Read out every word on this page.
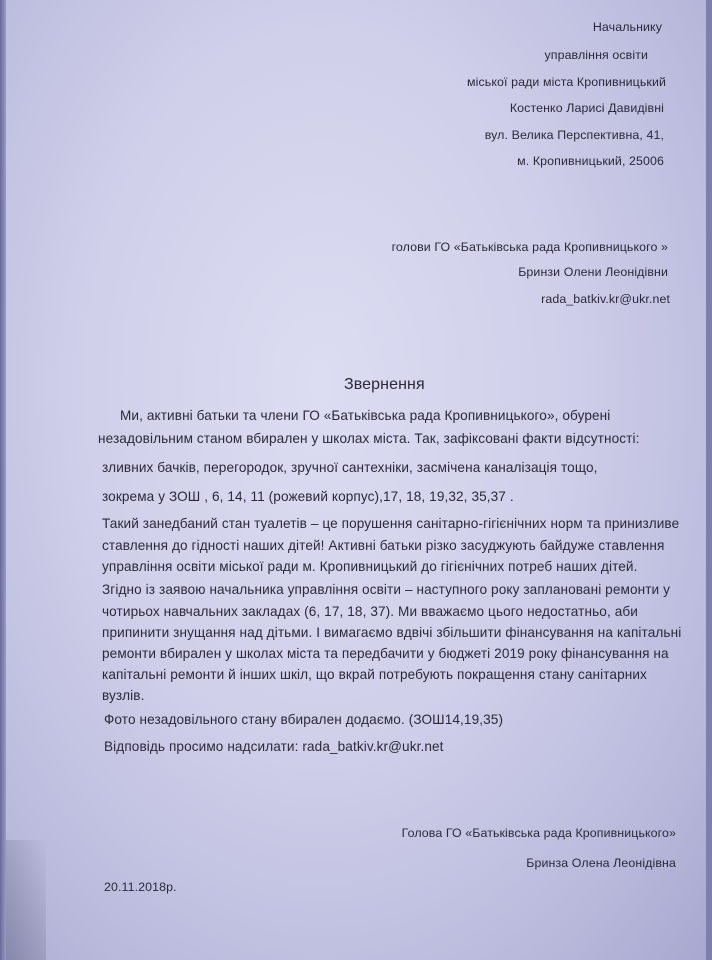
Начальнику
управління освіти
міської ради міста Кропивницький
Костенко Ларисі Давидівні
вул. Велика Перспективна, 41,
м. Кропивницький, 25006
голови ГО «Батьківська рада Кропивницького »
Бринзи Олени Леонідівни
rada_batkiv.kr@ukr.net
Звернення
Ми, активні батьки та члени ГО «Батьківська рада Кропивницького», обурені
незадовільним станом вбирален у школах міста. Так, зафіксовані факти відсутності:
зливних бачків, перегородок, зручної сантехніки, засмічена каналізація тощо,
зокрема у ЗОШ , 6, 14, 11 (рожевий корпус),17, 18, 19,32, 35,37 .
Такий занедбаний стан туалетів – це порушення санітарно-гігієнічних норм та принизливе
ставлення до гідності наших дітей! Активні батьки різко засуджують байдуже ставлення
управління освіти міської ради м. Кропивницький до гігієнічних потреб наших дітей.
Згідно із заявою начальника управління освіти – наступного року заплановані ремонти у
чотирьох навчальних закладах (6, 17, 18, 37). Ми вважаємо цього недостатньо, аби
припинити знущання над дітьми. І вимагаємо вдвічі збільшити фінансування на капітальні
ремонти вбирален у школах міста та передбачити у бюджеті 2019 року фінансування на
капітальні ремонти й інших шкіл, що вкрай потребують покращення стану санітарних
вузлів.
Фото незадовільного стану вбирален додаємо. (ЗОШ14,19,35)
Відповідь просимо надсилати: rada_batkiv.kr@ukr.net
Голова ГО «Батьківська рада Кропивницького»
Бринза Олена Леонідівна
20.11.2018р.
